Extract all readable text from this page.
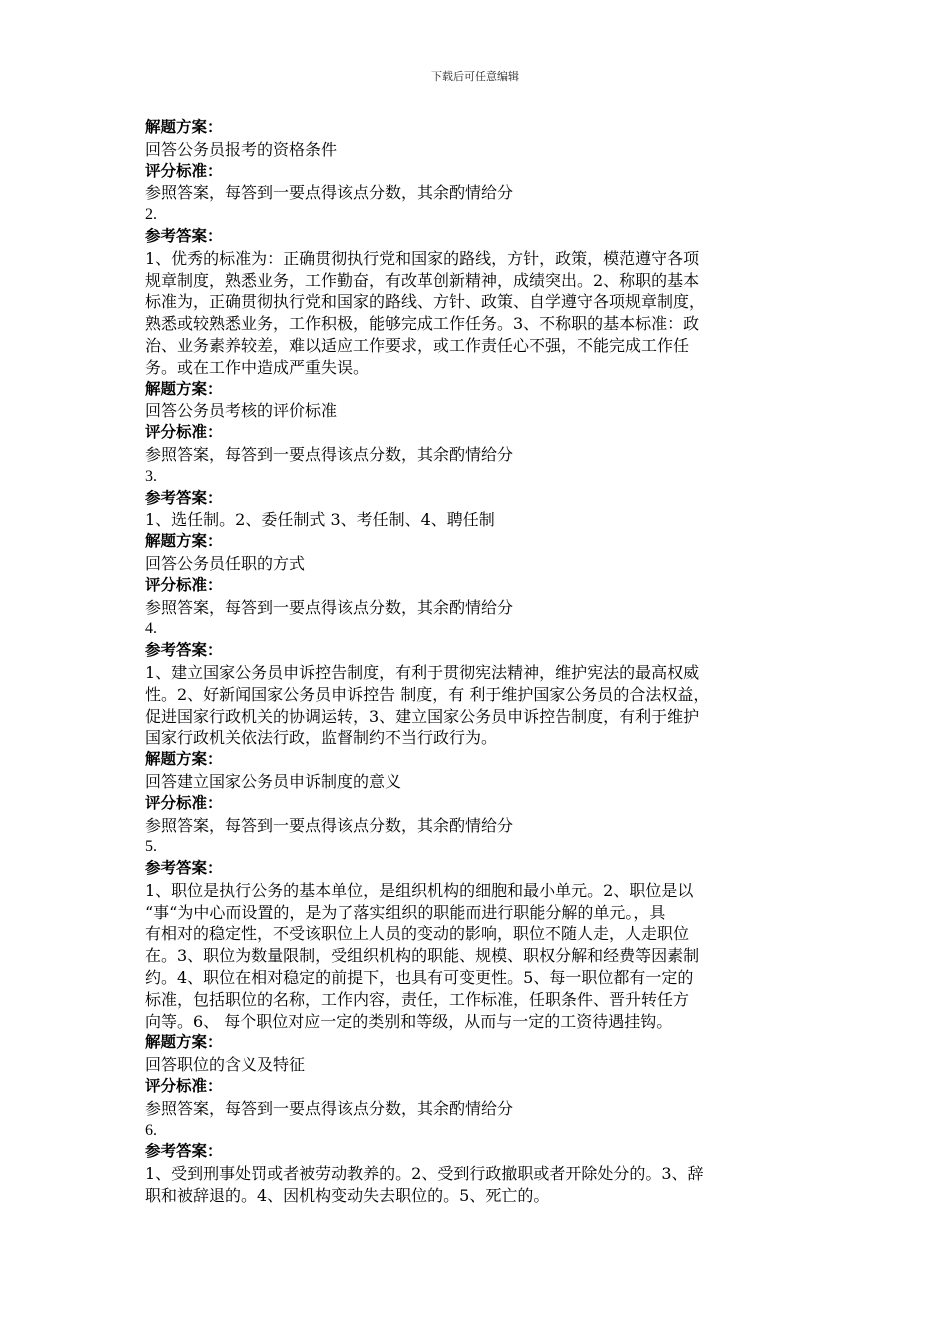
下载后可任意编辑
解题方案：
回答公务员报考的资格条件
评分标准：
参照答案，每答到一要点得该点分数，其余酌情给分
2.
参考答案：
1、优秀的标准为：正确贯彻执行党和国家的路线，方针，政策，模范遵守各项
规章制度，熟悉业务，工作勤奋，有改革创新精神，成绩突出。2、称职的基本
标准为，正确贯彻执行党和国家的路线、方针、政策、自学遵守各项规章制度，
熟悉或较熟悉业务，工作积极，能够完成工作任务。3、不称职的基本标准：政
治、业务素养较差，难以适应工作要求，或工作责任心不强，不能完成工作任
务。或在工作中造成严重失误。
解题方案：
回答公务员考核的评价标准
评分标准：
参照答案，每答到一要点得该点分数，其余酌情给分
3.
参考答案：
1、选任制。2、委任制式 3、考任制、4、聘任制
解题方案：
回答公务员任职的方式
评分标准：
参照答案，每答到一要点得该点分数，其余酌情给分
4.
参考答案：
1、建立国家公务员申诉控告制度，有利于贯彻宪法精神，维护宪法的最高权威
性。2、好新闻国家公务员申诉控告 制度，有 利于维护国家公务员的合法权益，
促进国家行政机关的协调运转，3、建立国家公务员申诉控告制度，有利于维护
国家行政机关依法行政，监督制约不当行政行为。
解题方案：
回答建立国家公务员申诉制度的意义
评分标准：
参照答案，每答到一要点得该点分数，其余酌情给分
5.
参考答案：
1、职位是执行公务的基本单位，是组织机构的细胞和最小单元。2、职位是以
“事“为中心而设置的，是为了落实组织的职能而进行职能分解的单元。，具
有相对的稳定性，不受该职位上人员的变动的影响，职位不随人走，人走职位
在。3、职位为数量限制，受组织机构的职能、规模、职权分解和经费等因素制
约。4、职位在相对稳定的前提下，也具有可变更性。5、每一职位都有一定的
标准，包括职位的名称，工作内容，责任，工作标准，任职条件、晋升转任方
向等。6、 每个职位对应一定的类别和等级，从而与一定的工资待遇挂钩。
解题方案：
回答职位的含义及特征
评分标准：
参照答案，每答到一要点得该点分数，其余酌情给分
6.
参考答案：
1、受到刑事处罚或者被劳动教养的。2、受到行政撤职或者开除处分的。3、辞
职和被辞退的。4、因机构变动失去职位的。5、死亡的。
